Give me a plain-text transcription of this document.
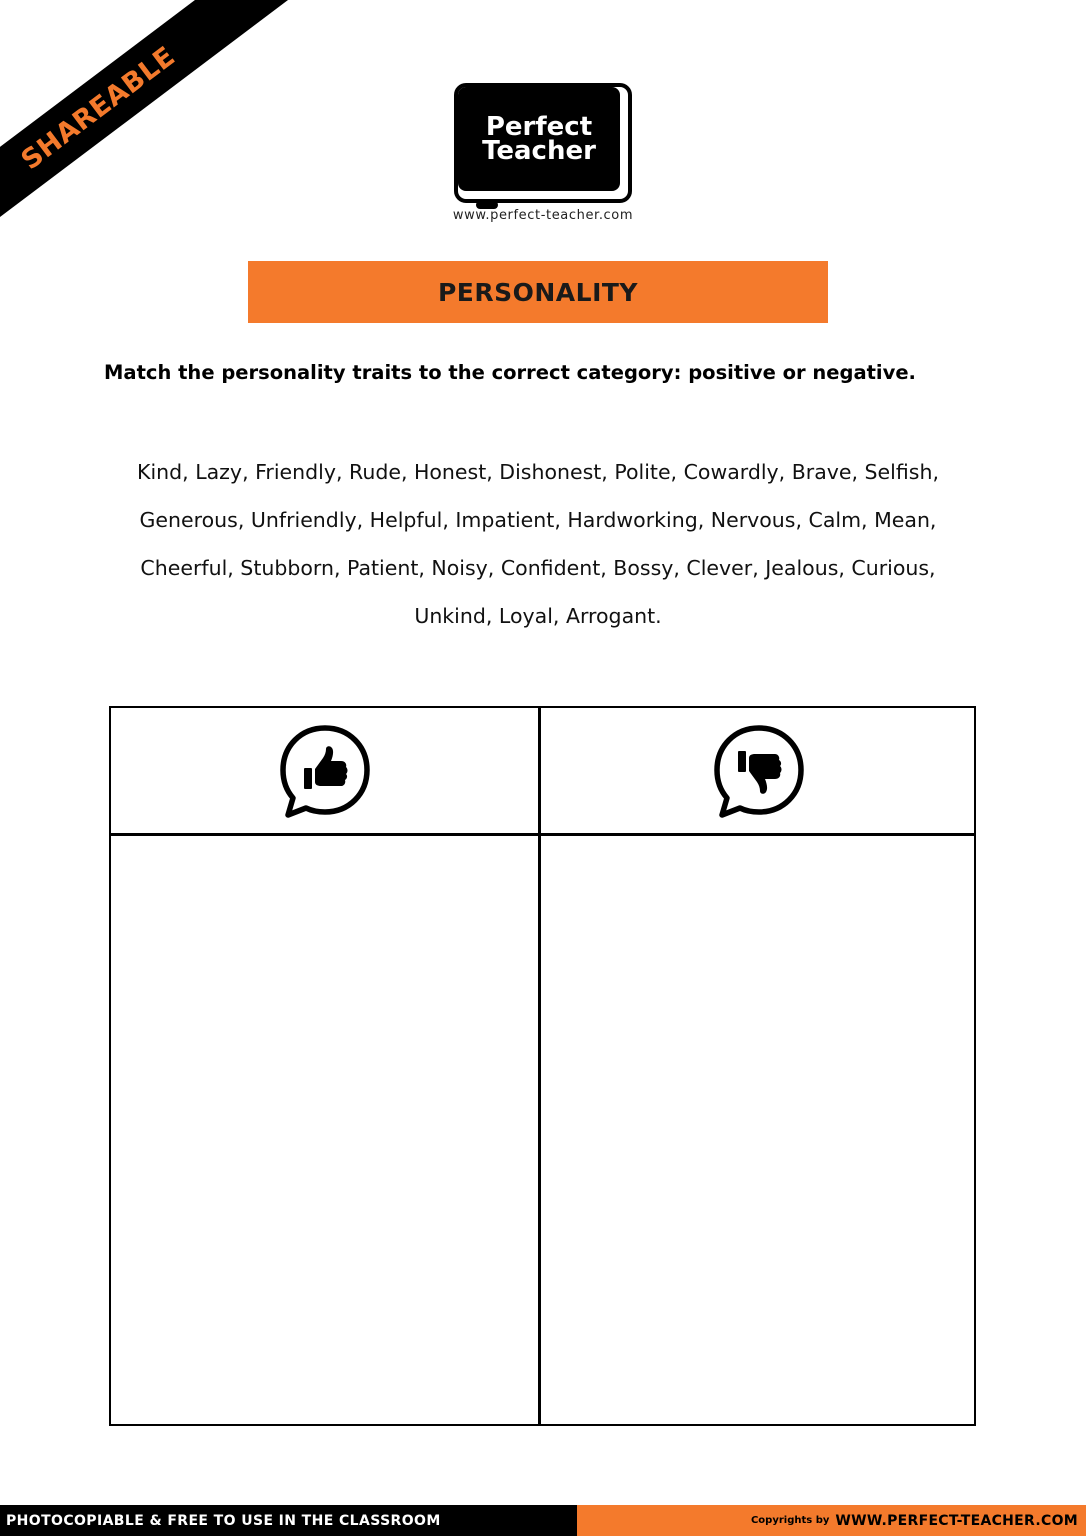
SHAREABLE	Perfect
Teacher
www.perfect-teacher.com
PERSONALITY
Match the personality traits to the correct category: positive or negative.
Kind, Lazy, Friendly, Rude, Honest, Dishonest, Polite, Cowardly, Brave, Selfish,
Generous, Unfriendly, Helpful, Impatient, Hardworking, Nervous, Calm, Mean,
Cheerful, Stubborn, Patient, Noisy, Confident, Bossy, Clever, Jealous, Curious,
Unkind, Loyal, Arrogant.
PHOTOCOPIABLE & FREE TO USE IN THE CLASSROOM	Copyrights by WWW.PERFECT-TEACHER.COM
